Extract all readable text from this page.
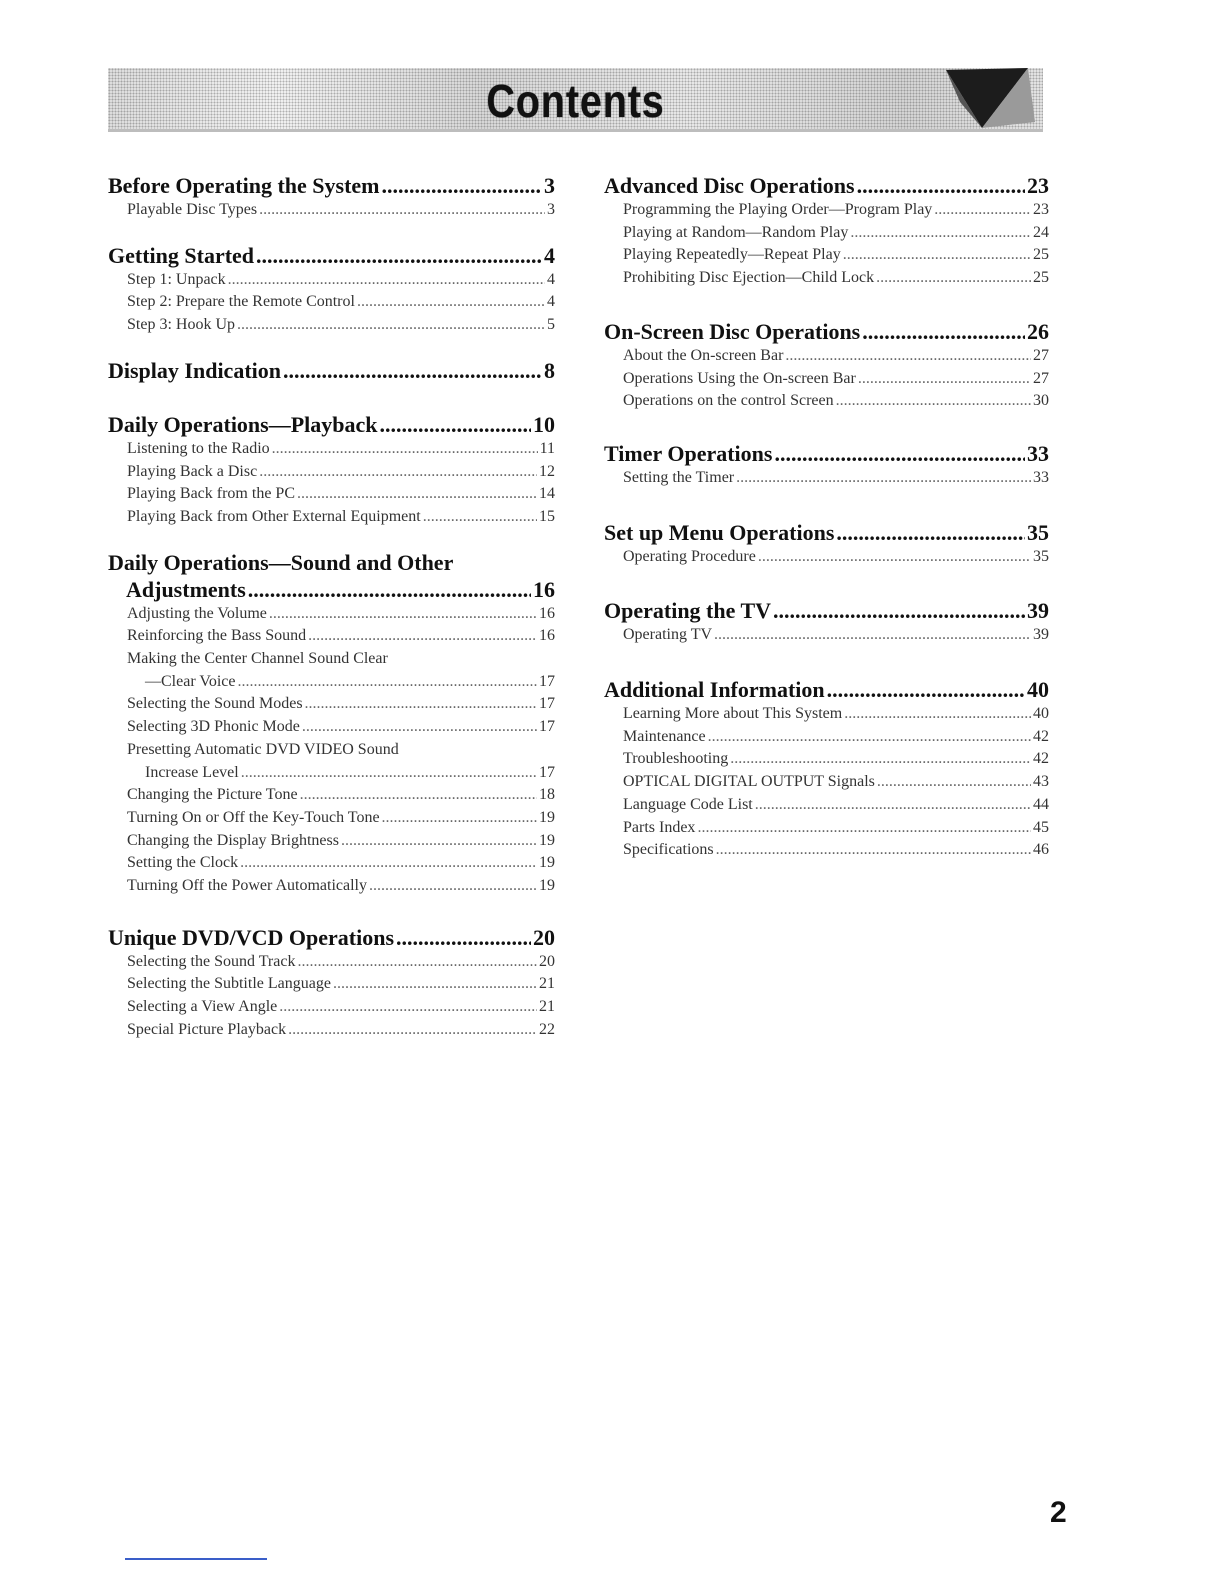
Contents
Before Operating the System .....	3
Playable Disc Types .....	3
Getting Started .....	4
Step 1: Unpack .....	4
Step 2: Prepare the Remote Control .....	4
Step 3: Hook Up .....	5
Display Indication .....	8
Daily Operations—Playback .....	10
Listening to the Radio .....	11
Playing Back a Disc .....	12
Playing Back from the PC .....	14
Playing Back from Other External Equipment .....	15
Daily Operations—Sound and Other
Adjustments .....	16
Adjusting the Volume .....	16
Reinforcing the Bass Sound .....	16
Making the Center Channel Sound Clear
—Clear Voice .....	17
Selecting the Sound Modes .....	17
Selecting 3D Phonic Mode .....	17
Presetting Automatic DVD VIDEO Sound
Increase Level .....	17
Changing the Picture Tone .....	18
Turning On or Off the Key-Touch Tone .....	19
Changing the Display Brightness .....	19
Setting the Clock .....	19
Turning Off the Power Automatically .....	19
Unique DVD/VCD Operations .....	20
Selecting the Sound Track .....	20
Selecting the Subtitle Language .....	21
Selecting a View Angle .....	21
Special Picture Playback .....	22
Advanced Disc Operations .....	23
Programming the Playing Order—Program Play .....	23
Playing at Random—Random Play .....	24
Playing Repeatedly—Repeat Play .....	25
Prohibiting Disc Ejection—Child Lock .....	25
On-Screen Disc Operations .....	26
About the On-screen Bar .....	27
Operations Using the On-screen Bar .....	27
Operations on the control Screen .....	30
Timer Operations .....	33
Setting the Timer .....	33
Set up Menu Operations .....	35
Operating Procedure .....	35
Operating the TV .....	39
Operating TV .....	39
Additional Information .....	40
Learning More about This System .....	40
Maintenance .....	42
Troubleshooting .....	42
OPTICAL DIGITAL OUTPUT Signals .....	43
Language Code List .....	44
Parts Index .....	45
Specifications .....	46
2
